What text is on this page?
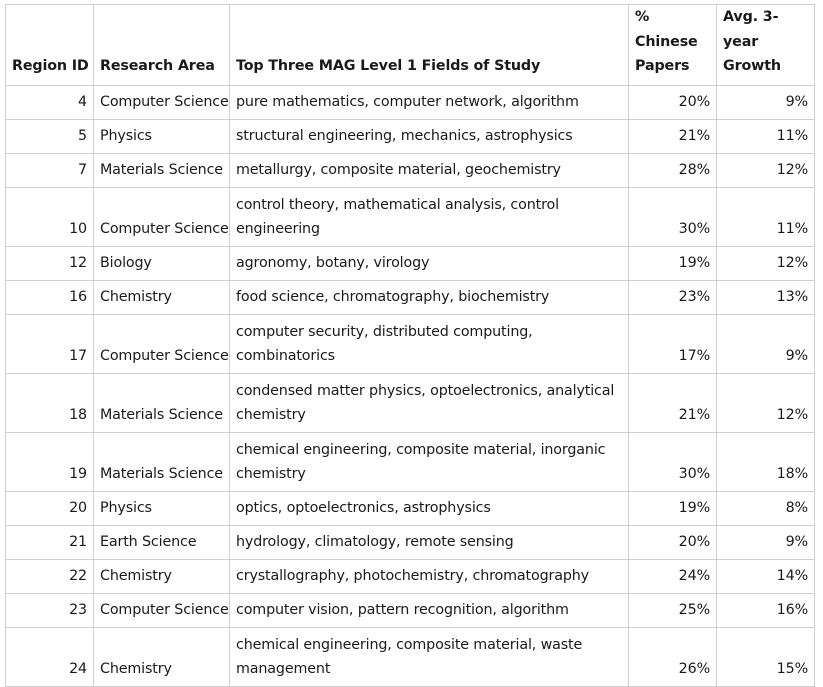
Region ID	Research Area	Top Three MAG Level 1 Fields of Study	% Chinese Papers	Avg. 3-year Growth
4	Computer Science	pure mathematics, computer network, algorithm	20%	9%
5	Physics	structural engineering, mechanics, astrophysics	21%	11%
7	Materials Science	metallurgy, composite material, geochemistry	28%	12%
10	Computer Science	control theory, mathematical analysis, control engineering	30%	11%
12	Biology	agronomy, botany, virology	19%	12%
16	Chemistry	food science, chromatography, biochemistry	23%	13%
17	Computer Science	computer security, distributed computing, combinatorics	17%	9%
18	Materials Science	condensed matter physics, optoelectronics, analytical chemistry	21%	12%
19	Materials Science	chemical engineering, composite material, inorganic chemistry	30%	18%
20	Physics	optics, optoelectronics, astrophysics	19%	8%
21	Earth Science	hydrology, climatology, remote sensing	20%	9%
22	Chemistry	crystallography, photochemistry, chromatography	24%	14%
23	Computer Science	computer vision, pattern recognition, algorithm	25%	16%
24	Chemistry	chemical engineering, composite material, waste management	26%	15%
